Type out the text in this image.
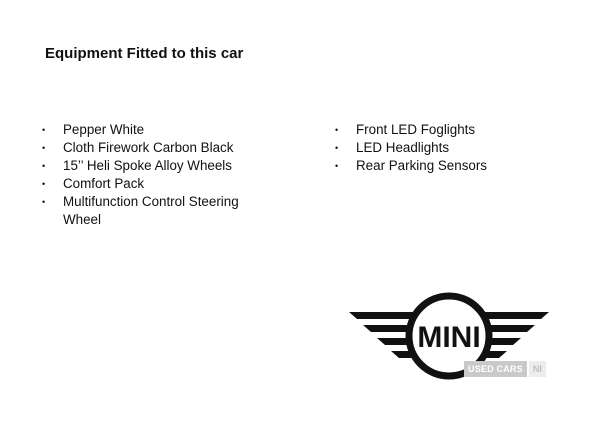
Equipment Fitted to this car
• Pepper White
• Cloth Firework Carbon Black
• 15’’ Heli Spoke Alloy Wheels
• Comfort Pack
• Multifunction Control Steering Wheel
• Front LED Foglights
• LED Headlights
• Rear Parking Sensors
MINI
USED CARS	NI
